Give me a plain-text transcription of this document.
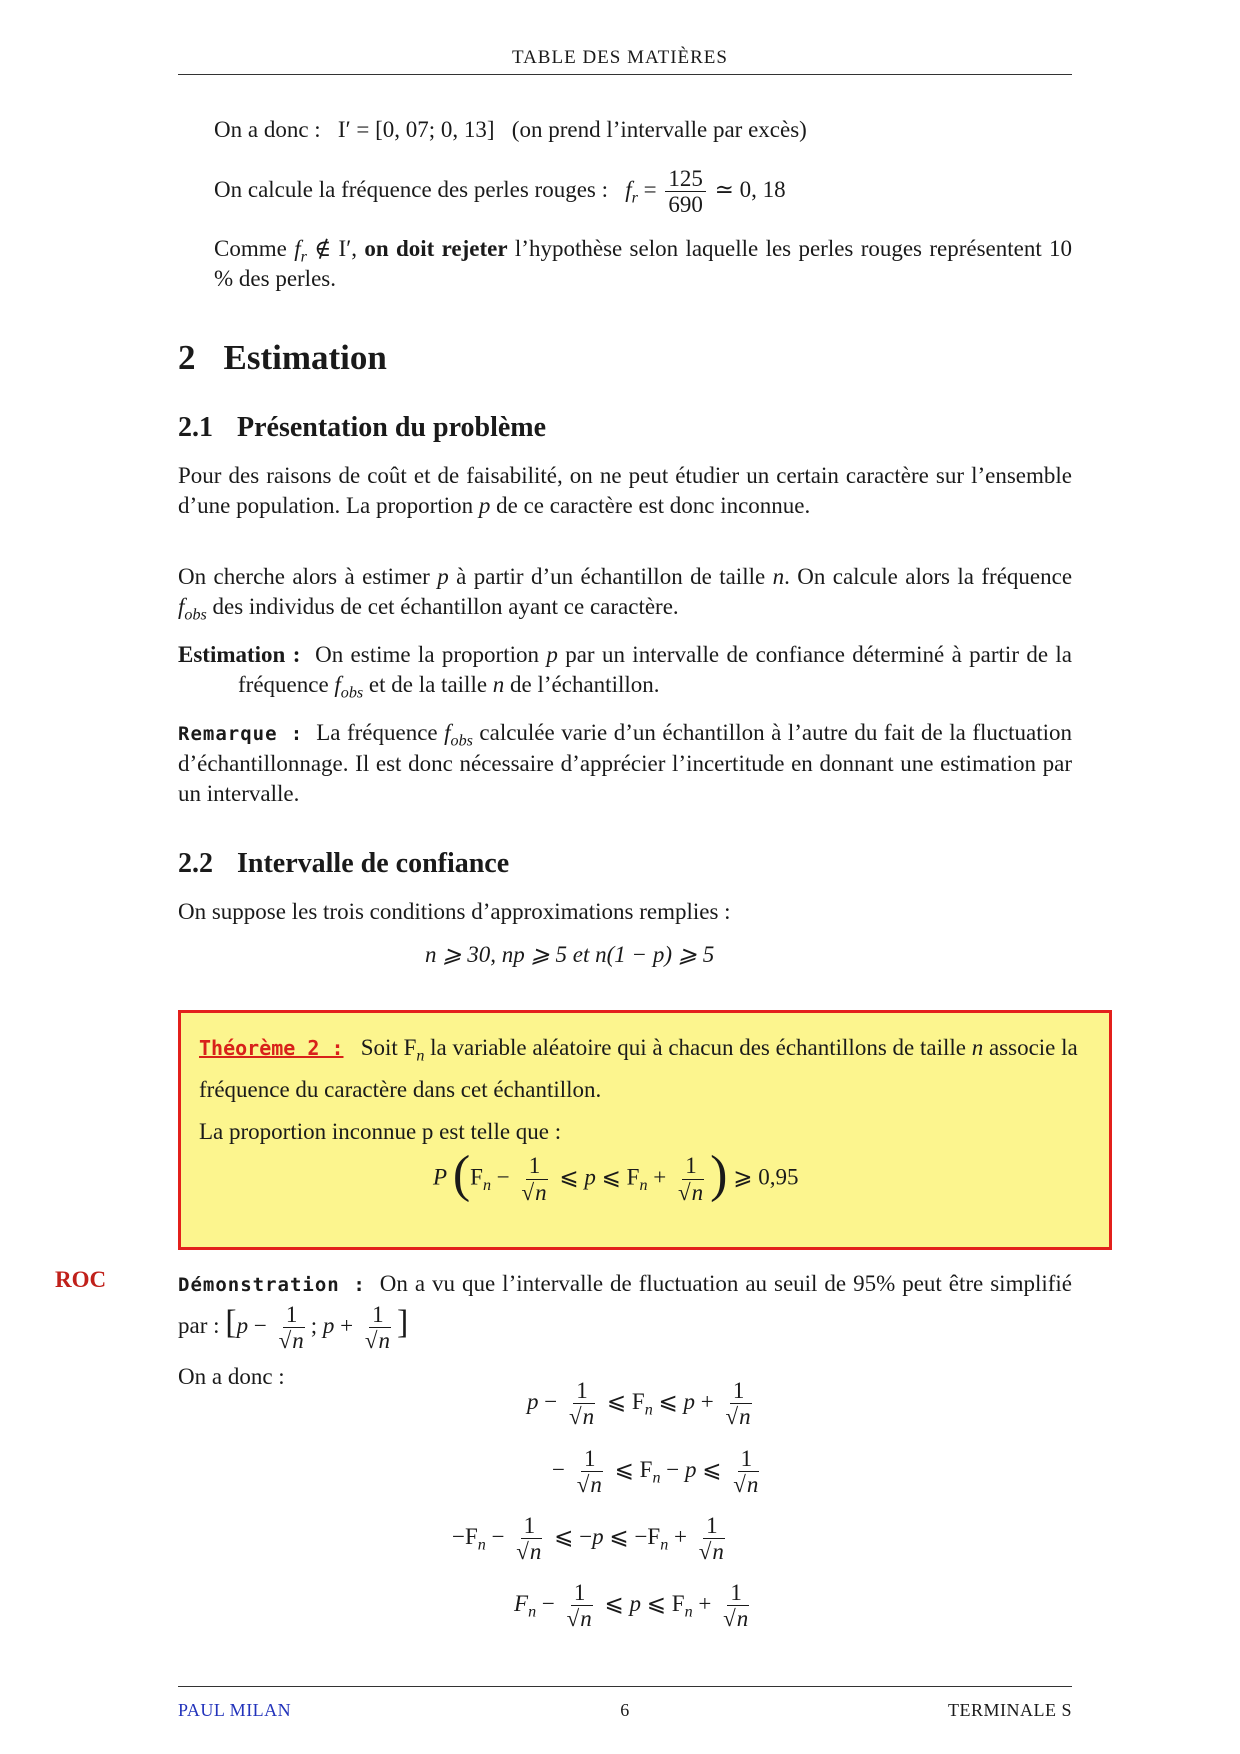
TABLE DES MATIÈRES
On a donc : I′ = [0, 07; 0, 13] (on prend l’intervalle par excès)
On calcule la fréquence des perles rouges : $f_r = \frac{125}{690}$ ≃ 0, 18
Comme $f_r$ ∉ I′, on doit rejeter l’hypothèse selon laquelle les perles rouges représentent 10 % des perles.
2 Estimation
2.1 Présentation du problème
Pour des raisons de coût et de faisabilité, on ne peut étudier un certain caractère sur l’ensemble d’une population. La proportion p de ce caractère est donc inconnue.
On cherche alors à estimer p à partir d’un échantillon de taille n. On calcule alors la fréquence $f_{obs}$ des individus de cet échantillon ayant ce caractère.
Estimation : On estime la proportion p par un intervalle de confiance déterminé à partir de la fréquence $f_{obs}$ et de la taille n de l’échantillon.
Remarque : La fréquence $f_{obs}$ calculée varie d’un échantillon à l’autre du fait de la fluctuation d’échantillonnage. Il est donc nécessaire d’apprécier l’incertitude en donnant une estimation par un intervalle.
2.2 Intervalle de confiance
On suppose les trois conditions d’approximations remplies :
n ⩾ 30, np ⩾ 5 et n(1 − p) ⩾ 5
Théorème 2 : Soit $F_n$ la variable aléatoire qui à chacun des échantillons de taille n associe la fréquence du caractère dans cet échantillon.
La proportion inconnue p est telle que :
P ($F_n - \frac{1}{√n}$ ⩽ p ⩽ $F_n + \frac{1}{√n}$ ) ⩾ 0,95
ROC	Démonstration : On a vu que l’intervalle de fluctuation au seuil de 95% peut être simplifié par : [$p - \frac{1}{√n}$ ; $p + \frac{1}{√n}$ ]
On a donc :
$p - \frac{1}{√n}$ ⩽ $F_n$ ⩽ $p + \frac{1}{√n}$
− $\frac{1}{√n}$ ⩽ $F_n - p$ ⩽ $\frac{1}{√n}$
$-F_n - \frac{1}{√n}$ ⩽ −p ⩽ $-F_n + \frac{1}{√n}$
$F_n - \frac{1}{√n}$ ⩽ p ⩽ $F_n + \frac{1}{√n}$
PAUL MILAN	6	TERMINALE S
